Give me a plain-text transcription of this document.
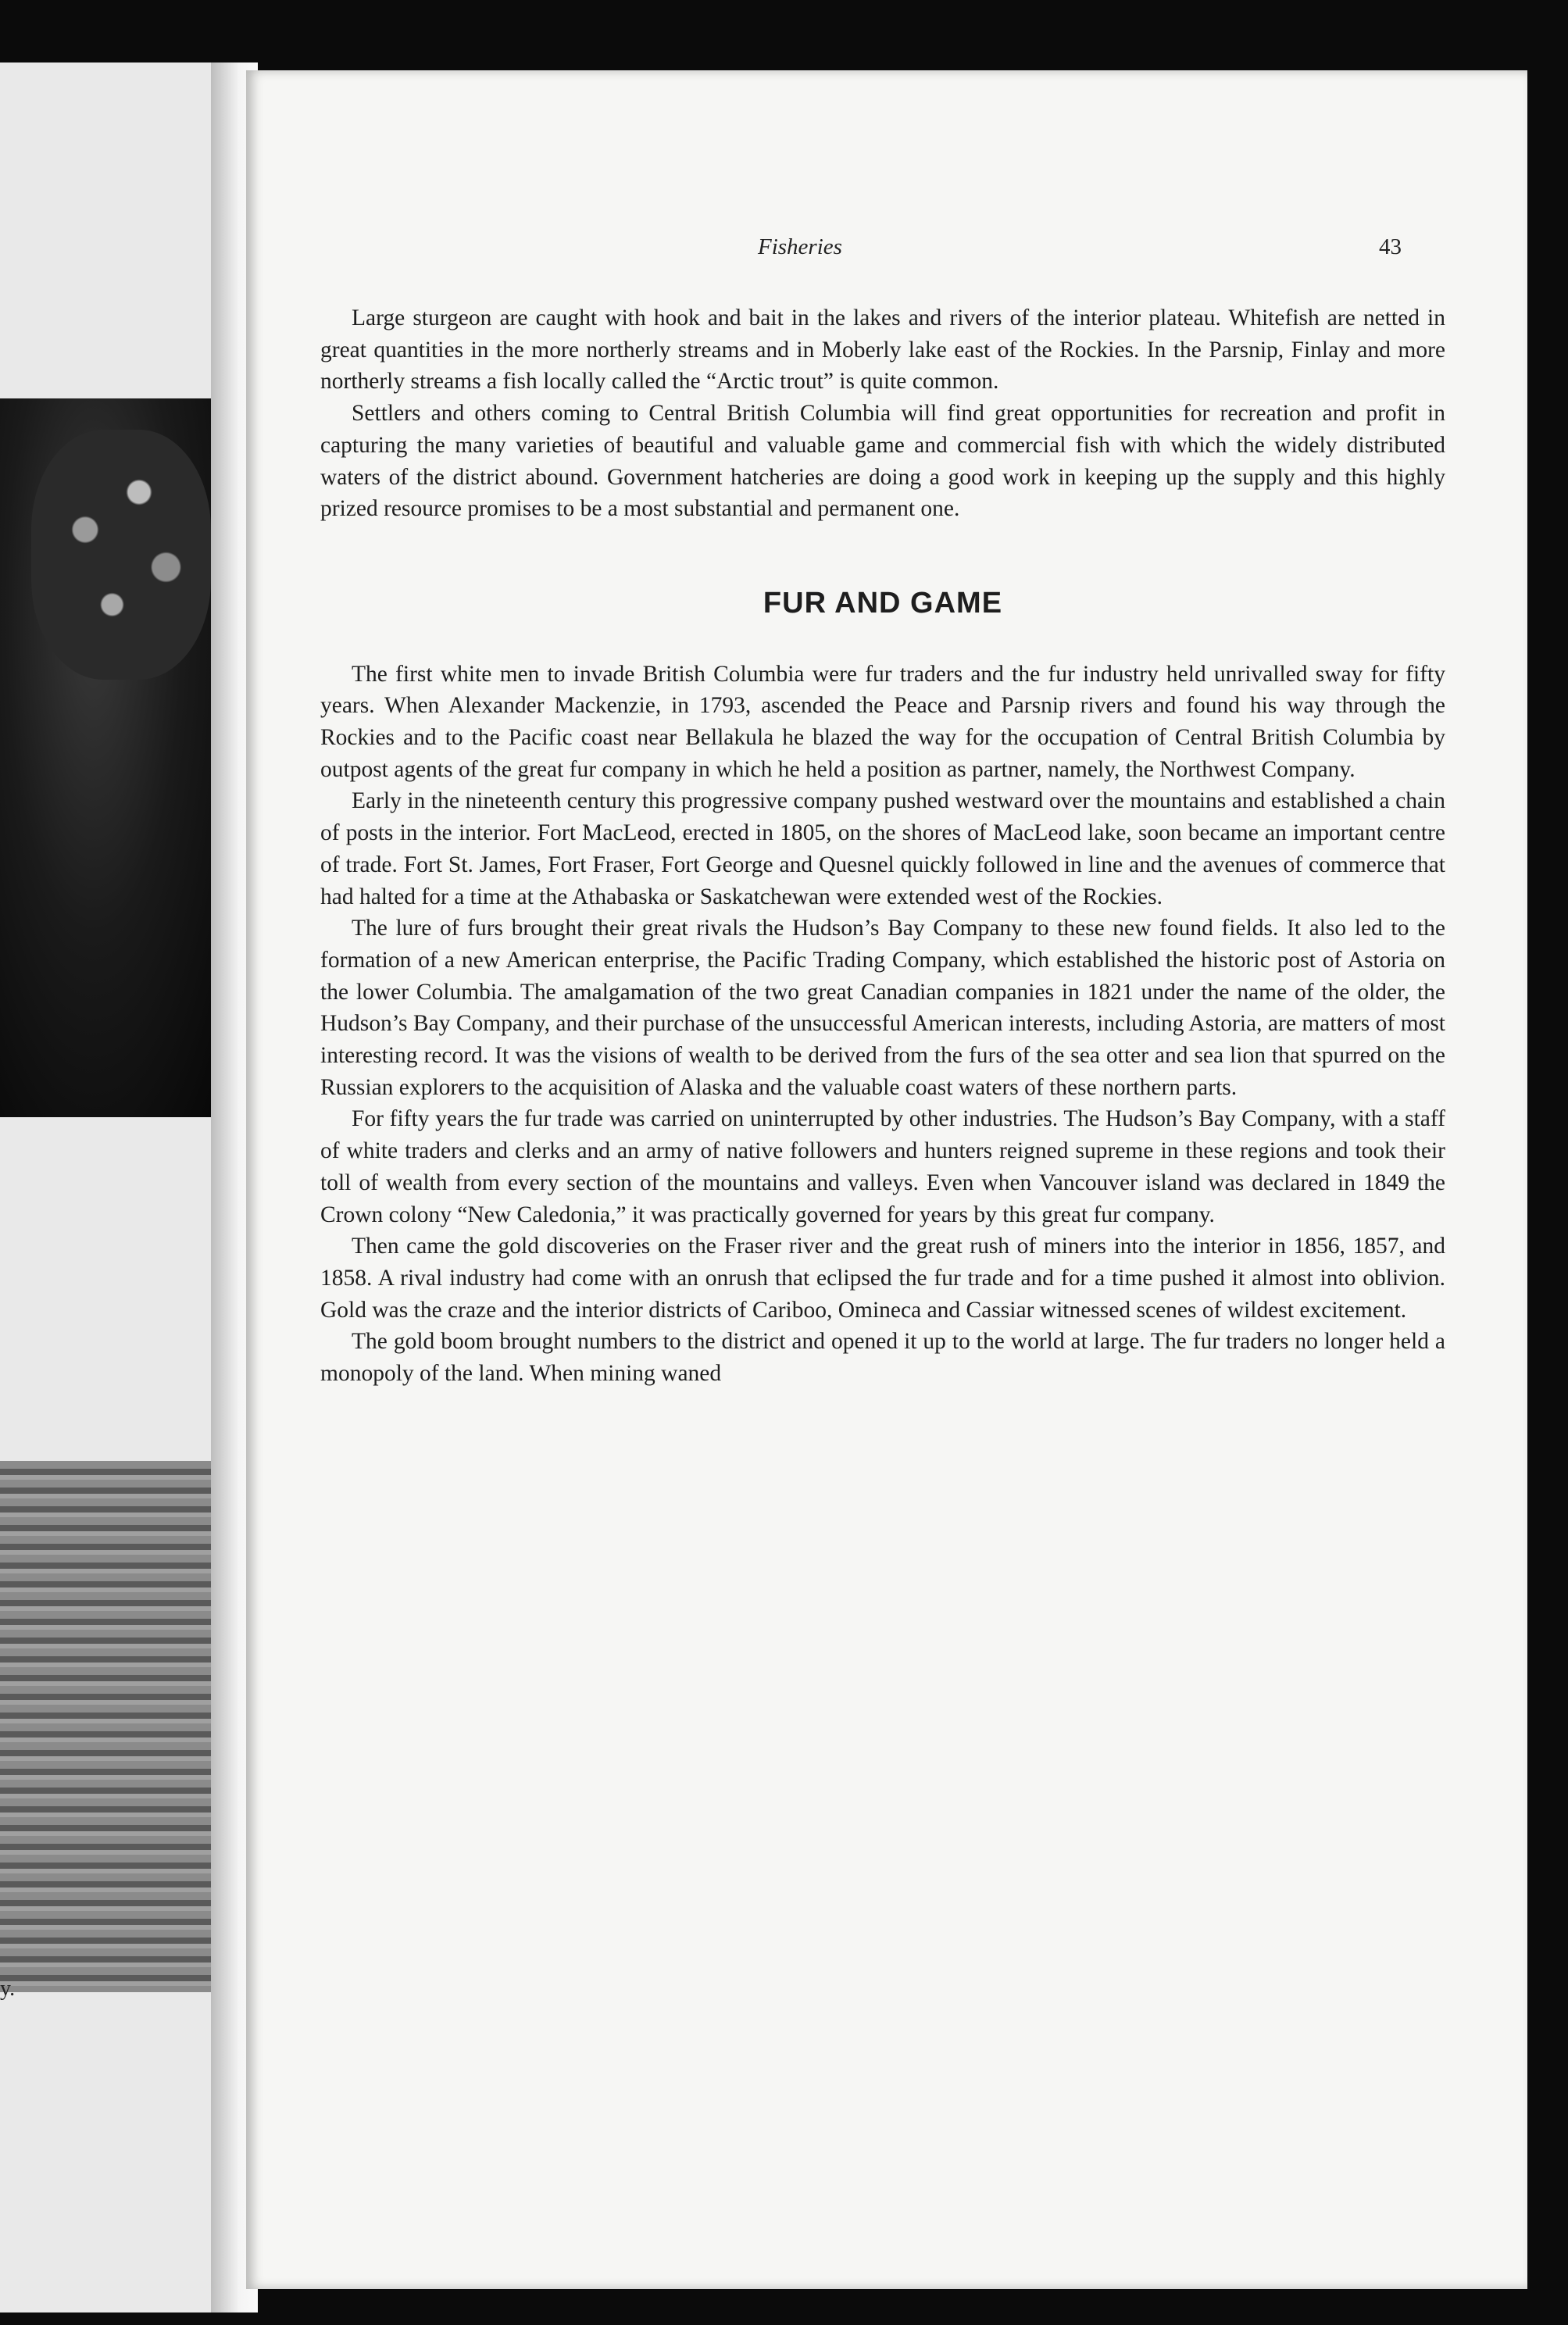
y.
Fisheries	43

Large sturgeon are caught with hook and bait in the lakes and rivers of the interior plateau. Whitefish are netted in great quantities in the more northerly streams and in Moberly lake east of the Rockies. In the Parsnip, Finlay and more northerly streams a fish locally called the “Arctic trout” is quite common.

Settlers and others coming to Central British Columbia will find great opportunities for recreation and profit in capturing the many varieties of beautiful and valuable game and commercial fish with which the widely distributed waters of the district abound. Government hatcheries are doing a good work in keeping up the supply and this highly prized resource promises to be a most substantial and permanent one.

FUR AND GAME

The first white men to invade British Columbia were fur traders and the fur industry held unrivalled sway for fifty years. When Alexander Mackenzie, in 1793, ascended the Peace and Parsnip rivers and found his way through the Rockies and to the Pacific coast near Bellakula he blazed the way for the occupation of Central British Columbia by outpost agents of the great fur company in which he held a position as partner, namely, the Northwest Company.

Early in the nineteenth century this progressive company pushed westward over the mountains and established a chain of posts in the interior. Fort MacLeod, erected in 1805, on the shores of MacLeod lake, soon became an important centre of trade. Fort St. James, Fort Fraser, Fort George and Quesnel quickly followed in line and the avenues of commerce that had halted for a time at the Athabaska or Saskatchewan were extended west of the Rockies.

The lure of furs brought their great rivals the Hudson’s Bay Company to these new found fields. It also led to the formation of a new American enterprise, the Pacific Trading Company, which established the historic post of Astoria on the lower Columbia. The amalgamation of the two great Canadian companies in 1821 under the name of the older, the Hudson’s Bay Company, and their purchase of the unsuccessful American interests, including Astoria, are matters of most interesting record. It was the visions of wealth to be derived from the furs of the sea otter and sea lion that spurred on the Russian explorers to the acquisition of Alaska and the valuable coast waters of these northern parts.

For fifty years the fur trade was carried on uninterrupted by other industries. The Hudson’s Bay Company, with a staff of white traders and clerks and an army of native followers and hunters reigned supreme in these regions and took their toll of wealth from every section of the mountains and valleys. Even when Vancouver island was declared in 1849 the Crown colony “New Caledonia,” it was practically governed for years by this great fur company.

Then came the gold discoveries on the Fraser river and the great rush of miners into the interior in 1856, 1857, and 1858. A rival industry had come with an onrush that eclipsed the fur trade and for a time pushed it almost into oblivion. Gold was the craze and the interior districts of Cariboo, Omineca and Cassiar witnessed scenes of wildest excitement.

The gold boom brought numbers to the district and opened it up to the world at large. The fur traders no longer held a monopoly of the land. When mining waned
